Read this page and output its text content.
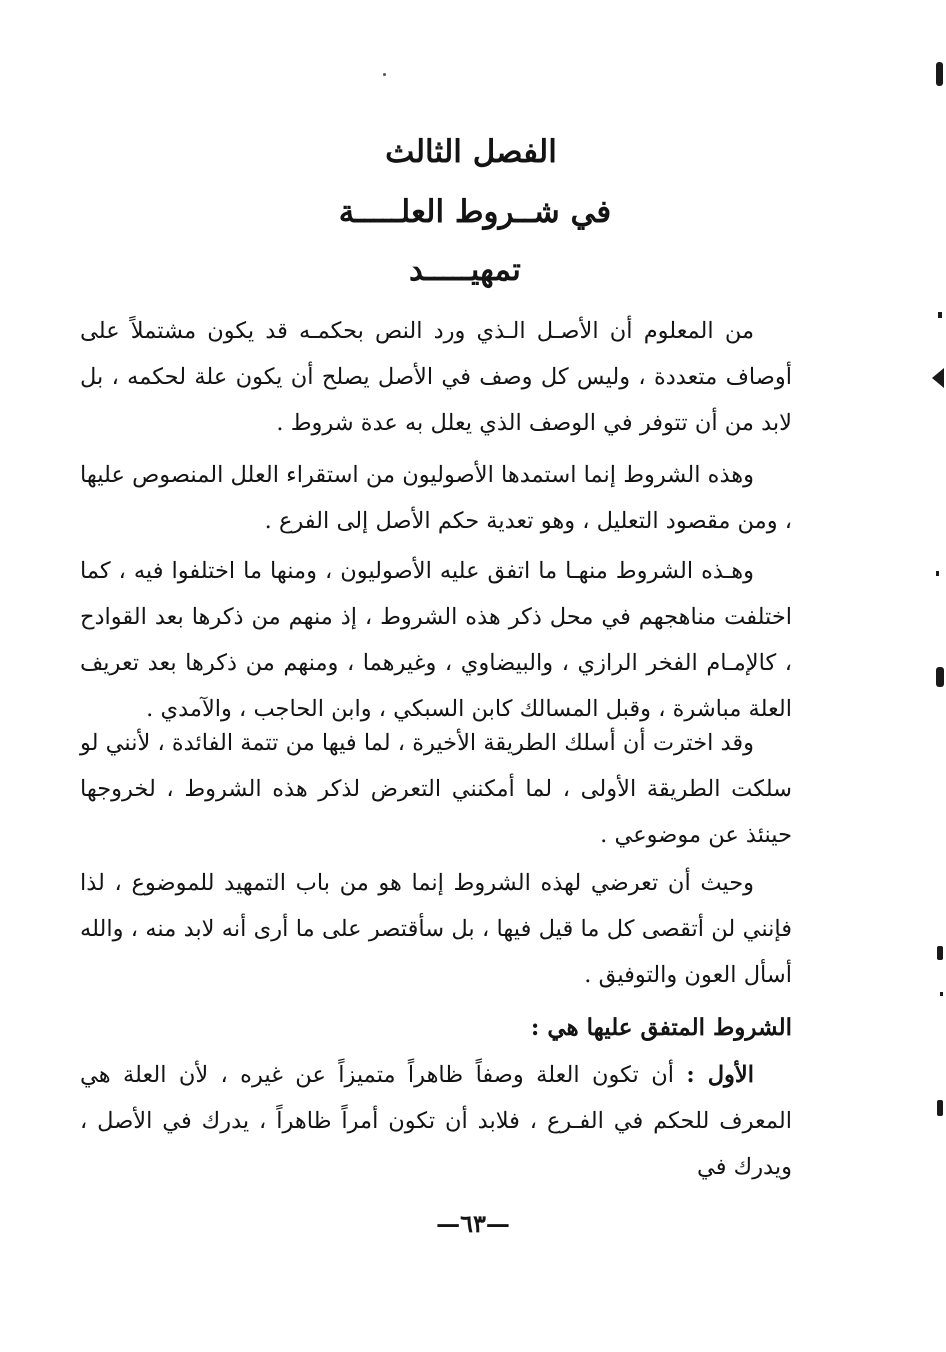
الفصل الثالث
في شــروط العلـــــة
تمهيـــــد

من المعلوم أن الأصـل الـذي ورد النص بحكمـه قد يكون مشتملاً على أوصاف متعددة ، وليس كل وصف في الأصل يصلح أن يكون علة لحكمه ، بل لابد من أن تتوفر في الوصف الذي يعلل به عدة شروط .

وهذه الشروط إنما استمدها الأصوليون من استقراء العلل المنصوص عليها ، ومن مقصود التعليل ، وهو تعدية حكم الأصل إلى الفرع .

وهـذه الشروط منهـا ما اتفق عليه الأصوليون ، ومنها ما اختلفوا فيه ، كما اختلفت مناهجهم في محل ذكر هذه الشروط ، إذ منهم من ذكرها بعد القوادح ، كالإمـام الفخر الرازي ، والبيضاوي ، وغيرهما ، ومنهم من ذكرها بعد تعريف العلة مباشرة ، وقبل المسالك كابن السبكي ، وابن الحاجب ، والآمدي .

وقد اخترت أن أسلك الطريقة الأخيرة ، لما فيها من تتمة الفائدة ، لأنني لو سلكت الطريقة الأولى ، لما أمكنني التعرض لذكر هذه الشروط ، لخروجها حينئذ عن موضوعي .

وحيث أن تعرضي لهذه الشروط إنما هو من باب التمهيد للموضوع ، لذا فإنني لن أتقصى كل ما قيل فيها ، بل سأقتصر على ما أرى أنه لابد منه ، والله أسأل العون والتوفيق .

الشروط المتفق عليها هي :

الأول : أن تكون العلة وصفاً ظاهراً متميزاً عن غيره ، لأن العلة هي المعرف للحكم في الفـرع ، فلابد أن تكون أمراً ظاهراً ، يدرك في الأصل ، ويدرك في

—٦٣—
